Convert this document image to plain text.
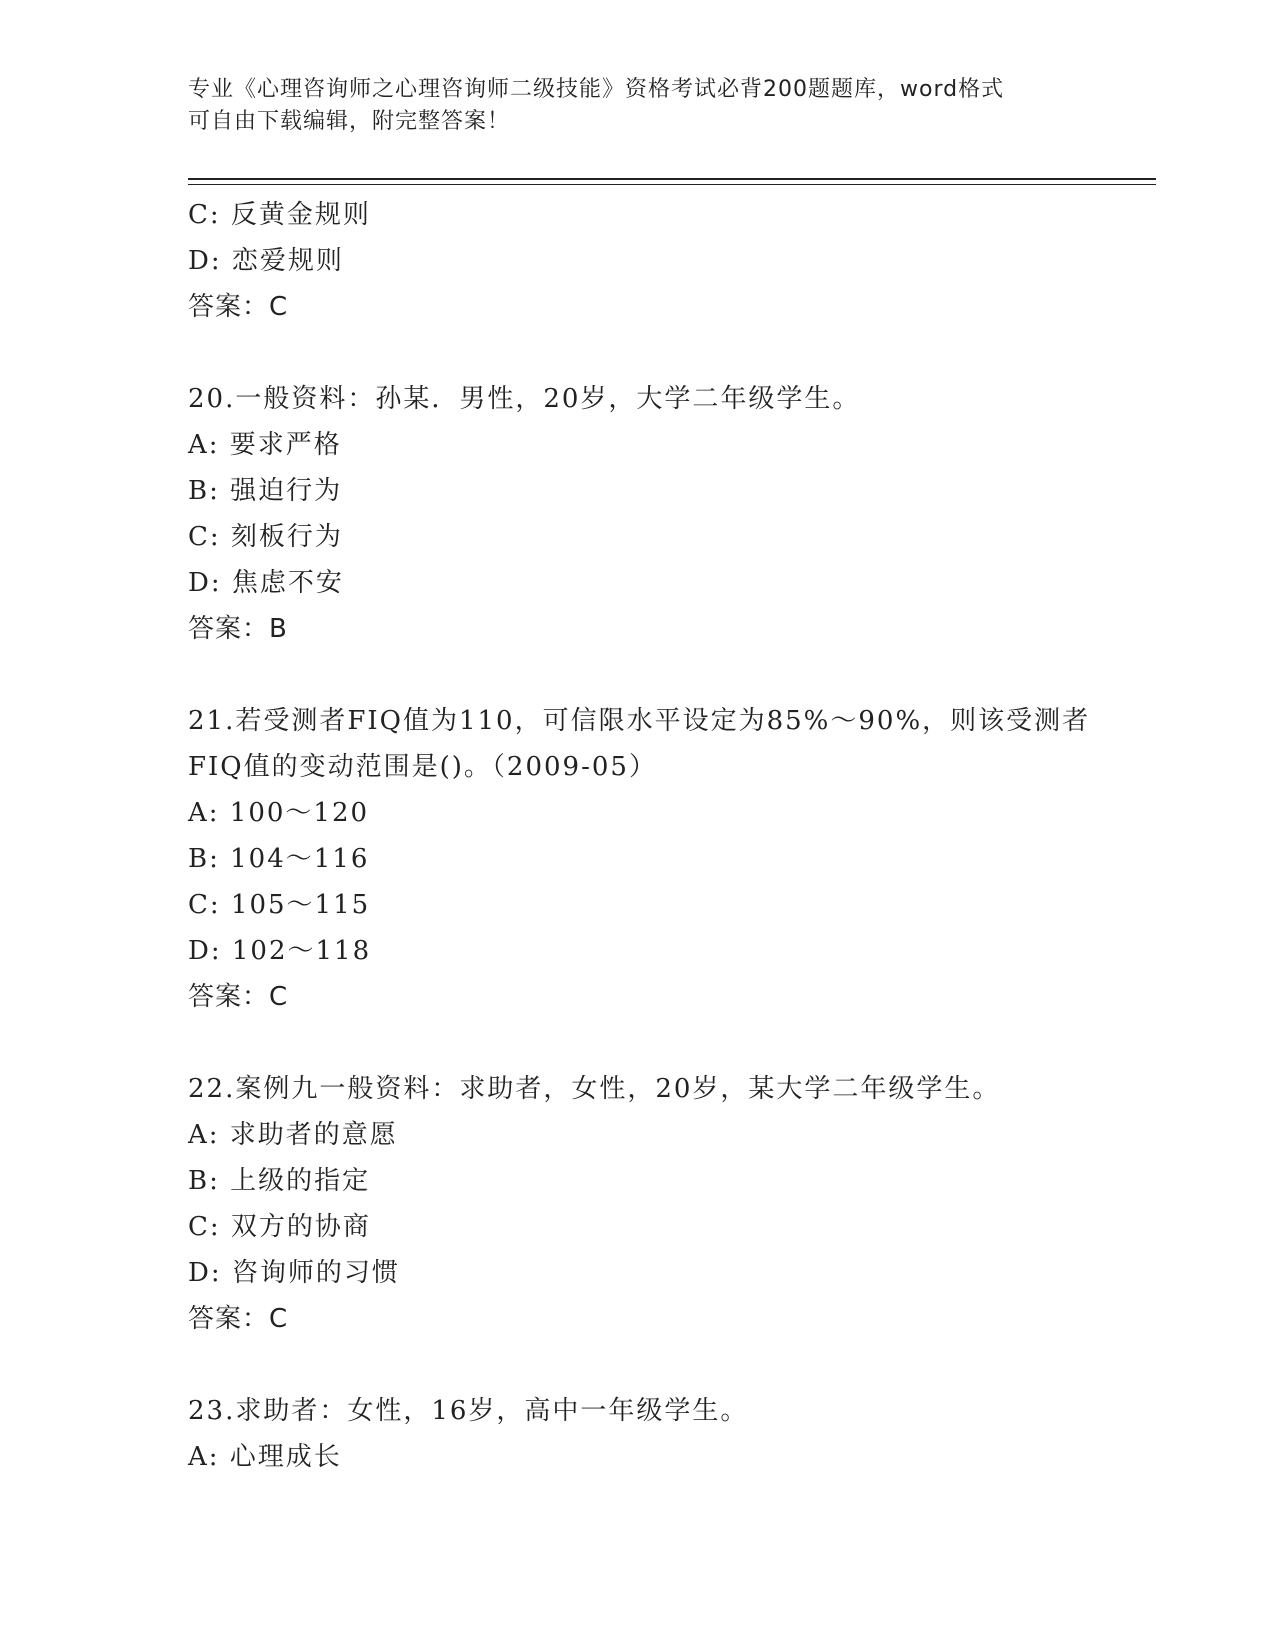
专业《心理咨询师之心理咨询师二级技能》资格考试必背200题题库，word格式
可自由下载编辑，附完整答案！
C: 反黄金规则
D: 恋爱规则
答案：C
20.一般资料：孙某．男性，20岁，大学二年级学生。
A: 要求严格
B: 强迫行为
C: 刻板行为
D: 焦虑不安
答案：B
21.若受测者FIQ值为110，可信限水平设定为85%～90%，则该受测者
FIQ值的变动范围是()。（2009-05）
A: 100～120
B: 104～116
C: 105～115
D: 102～118
答案：C
22.案例九一般资料：求助者，女性，20岁，某大学二年级学生。
A: 求助者的意愿
B: 上级的指定
C: 双方的协商
D: 咨询师的习惯
答案：C
23.求助者：女性，16岁，高中一年级学生。
A: 心理成长
